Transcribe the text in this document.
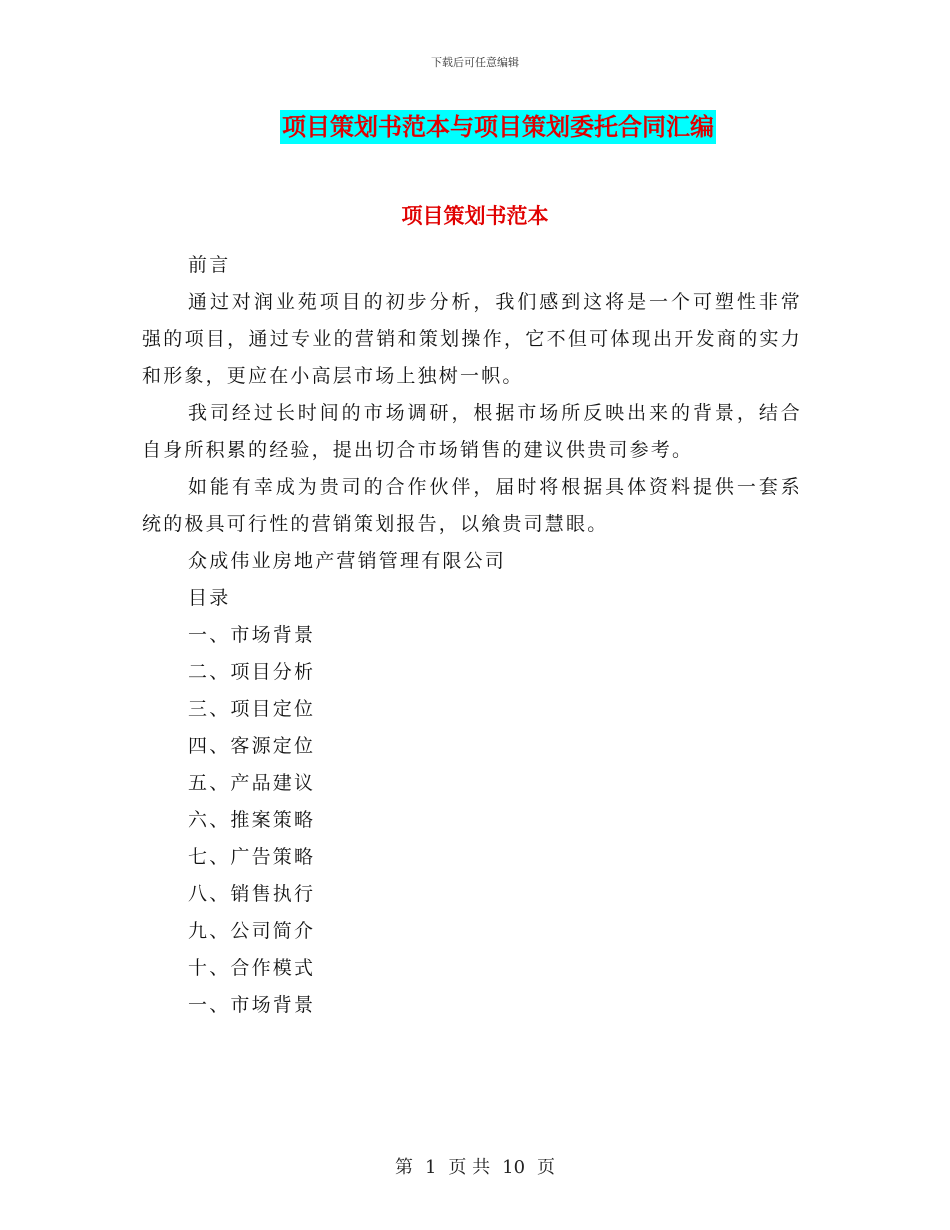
下载后可任意编辑
项目策划书范本与项目策划委托合同汇编
项目策划书范本

前言

通过对润业苑项目的初步分析，我们感到这将是一个可塑性非常强的项目，通过专业的营销和策划操作，它不但可体现出开发商的实力和形象，更应在小高层市场上独树一帜。

我司经过长时间的市场调研，根据市场所反映出来的背景，结合自身所积累的经验，提出切合市场销售的建议供贵司参考。

如能有幸成为贵司的合作伙伴，届时将根据具体资料提供一套系统的极具可行性的营销策划报告，以飨贵司慧眼。

众成伟业房地产营销管理有限公司

目录

一、市场背景
二、项目分析
三、项目定位
四、客源定位
五、产品建议
六、推案策略
七、广告策略
八、销售执行
九、公司简介
十、合作模式
一、市场背景
第 1 页 共 10 页
